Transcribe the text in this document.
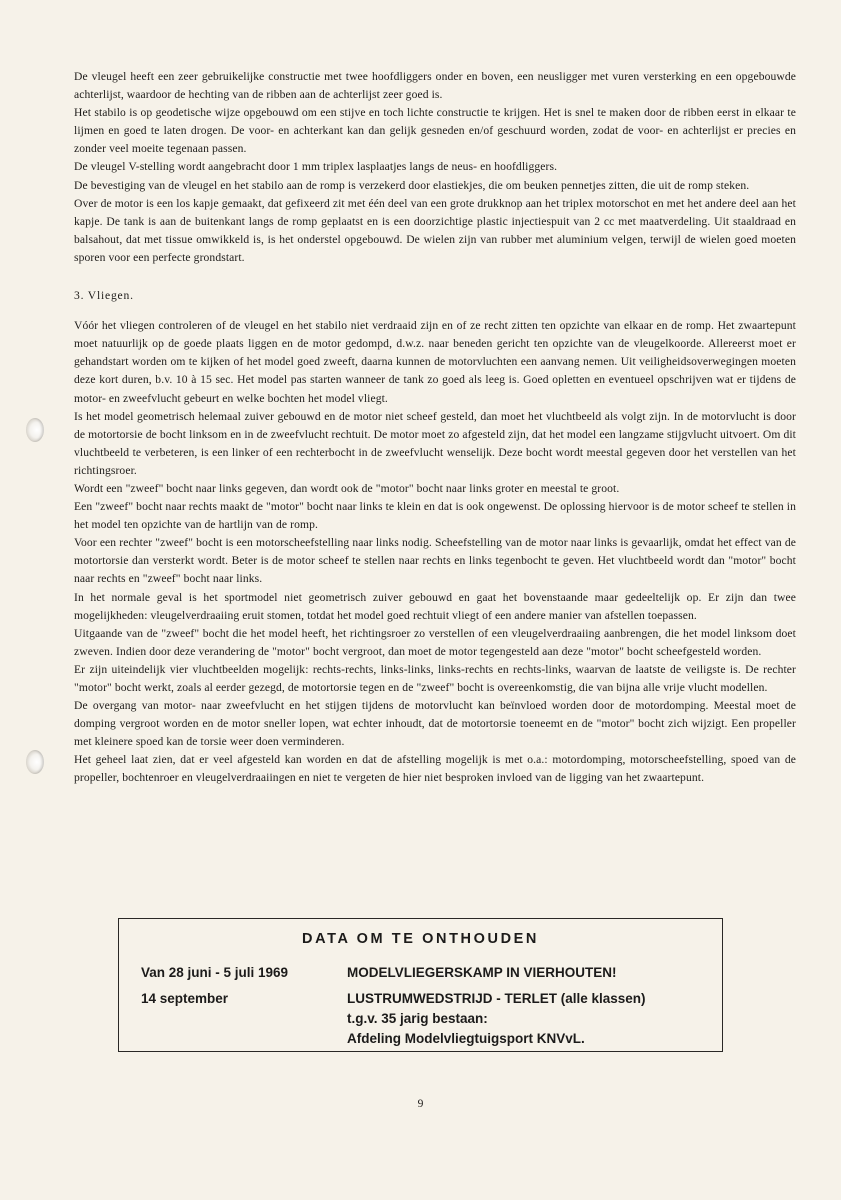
De vleugel heeft een zeer gebruikelijke constructie met twee hoofdliggers onder en boven, een neusligger met vuren versterking en een opgebouwde achterlijst, waardoor de hechting van de ribben aan de achterlijst zeer goed is.

Het stabilo is op geodetische wijze opgebouwd om een stijve en toch lichte constructie te krijgen. Het is snel te maken door de ribben eerst in elkaar te lijmen en goed te laten drogen. De voor- en achterkant kan dan gelijk gesneden en/of geschuurd worden, zodat de voor- en achterlijst er precies en zonder veel moeite tegenaan passen.

De vleugel V-stelling wordt aangebracht door 1 mm triplex lasplaatjes langs de neus- en hoofdliggers.

De bevestiging van de vleugel en het stabilo aan de romp is verzekerd door elastiekjes, die om beuken pennetjes zitten, die uit de romp steken.

Over de motor is een los kapje gemaakt, dat gefixeerd zit met één deel van een grote drukknop aan het triplex motorschot en met het andere deel aan het kapje. De tank is aan de buitenkant langs de romp geplaatst en is een doorzichtige plastic injectiespuit van 2 cc met maatverdeling. Uit staaldraad en balsahout, dat met tissue omwikkeld is, is het onderstel opgebouwd. De wielen zijn van rubber met aluminium velgen, terwijl de wielen goed moeten sporen voor een perfecte grondstart.

3. Vliegen.

Vóór het vliegen controleren of de vleugel en het stabilo niet verdraaid zijn en of ze recht zitten ten opzichte van elkaar en de romp. Het zwaartepunt moet natuurlijk op de goede plaats liggen en de motor gedompd, d.w.z. naar beneden gericht ten opzichte van de vleugelkoorde. Allereerst moet er gehandstart worden om te kijken of het model goed zweeft, daarna kunnen de motorvluchten een aanvang nemen. Uit veiligheidsoverwegingen moeten deze kort duren, b.v. 10 à 15 sec. Het model pas starten wanneer de tank zo goed als leeg is. Goed opletten en eventueel opschrijven wat er tijdens de motor- en zweefvlucht gebeurt en welke bochten het model vliegt.

Is het model geometrisch helemaal zuiver gebouwd en de motor niet scheef gesteld, dan moet het vluchtbeeld als volgt zijn. In de motorvlucht is door de motortorsie de bocht linksom en in de zweefvlucht rechtuit. De motor moet zo afgesteld zijn, dat het model een langzame stijgvlucht uitvoert. Om dit vluchtbeeld te verbeteren, is een linker of een rechterbocht in de zweefvlucht wenselijk. Deze bocht wordt meestal gegeven door het verstellen van het richtingsroer.

Wordt een "zweef" bocht naar links gegeven, dan wordt ook de "motor" bocht naar links groter en meestal te groot.

Een "zweef" bocht naar rechts maakt de "motor" bocht naar links te klein en dat is ook ongewenst. De oplossing hiervoor is de motor scheef te stellen in het model ten opzichte van de hartlijn van de romp.

Voor een rechter "zweef" bocht is een motorscheefstelling naar links nodig. Scheefstelling van de motor naar links is gevaarlijk, omdat het effect van de motortorsie dan versterkt wordt. Beter is de motor scheef te stellen naar rechts en links tegenbocht te geven. Het vluchtbeeld wordt dan "motor" bocht naar rechts en "zweef" bocht naar links.

In het normale geval is het sportmodel niet geometrisch zuiver gebouwd en gaat het bovenstaande maar gedeeltelijk op. Er zijn dan twee mogelijkheden: vleugelverdraaiing eruit stomen, totdat het model goed rechtuit vliegt of een andere manier van afstellen toepassen.

Uitgaande van de "zweef" bocht die het model heeft, het richtingsroer zo verstellen of een vleugelverdraaiing aanbrengen, die het model linksom doet zweven. Indien door deze verandering de "motor" bocht vergroot, dan moet de motor tegengesteld aan deze "motor" bocht scheefgesteld worden.

Er zijn uiteindelijk vier vluchtbeelden mogelijk: rechts-rechts, links-links, links-rechts en rechts-links, waarvan de laatste de veiligste is. De rechter "motor" bocht werkt, zoals al eerder gezegd, de motortorsie tegen en de "zweef" bocht is overeenkomstig, die van bijna alle vrije vlucht modellen.

De overgang van motor- naar zweefvlucht en het stijgen tijdens de motorvlucht kan beïnvloed worden door de motordomping. Meestal moet de domping vergroot worden en de motor sneller lopen, wat echter inhoudt, dat de motortorsie toeneemt en de "motor" bocht zich wijzigt. Een propeller met kleinere spoed kan de torsie weer doen verminderen.

Het geheel laat zien, dat er veel afgesteld kan worden en dat de afstelling mogelijk is met o.a.: motordomping, motorscheefstelling, spoed van de propeller, bochtenroer en vleugelverdraaiingen en niet te vergeten de hier niet besproken invloed van de ligging van het zwaartepunt.

DATA OM TE ONTHOUDEN
Van 28 juni - 5 juli 1969	MODELVLIEGERSKAMP IN VIERHOUTEN!
14 september	LUSTRUMWEDSTRIJD - TERLET (alle klassen)
t.g.v. 35 jarig bestaan:
Afdeling Modelvliegtuigsport KNVvL.
9
